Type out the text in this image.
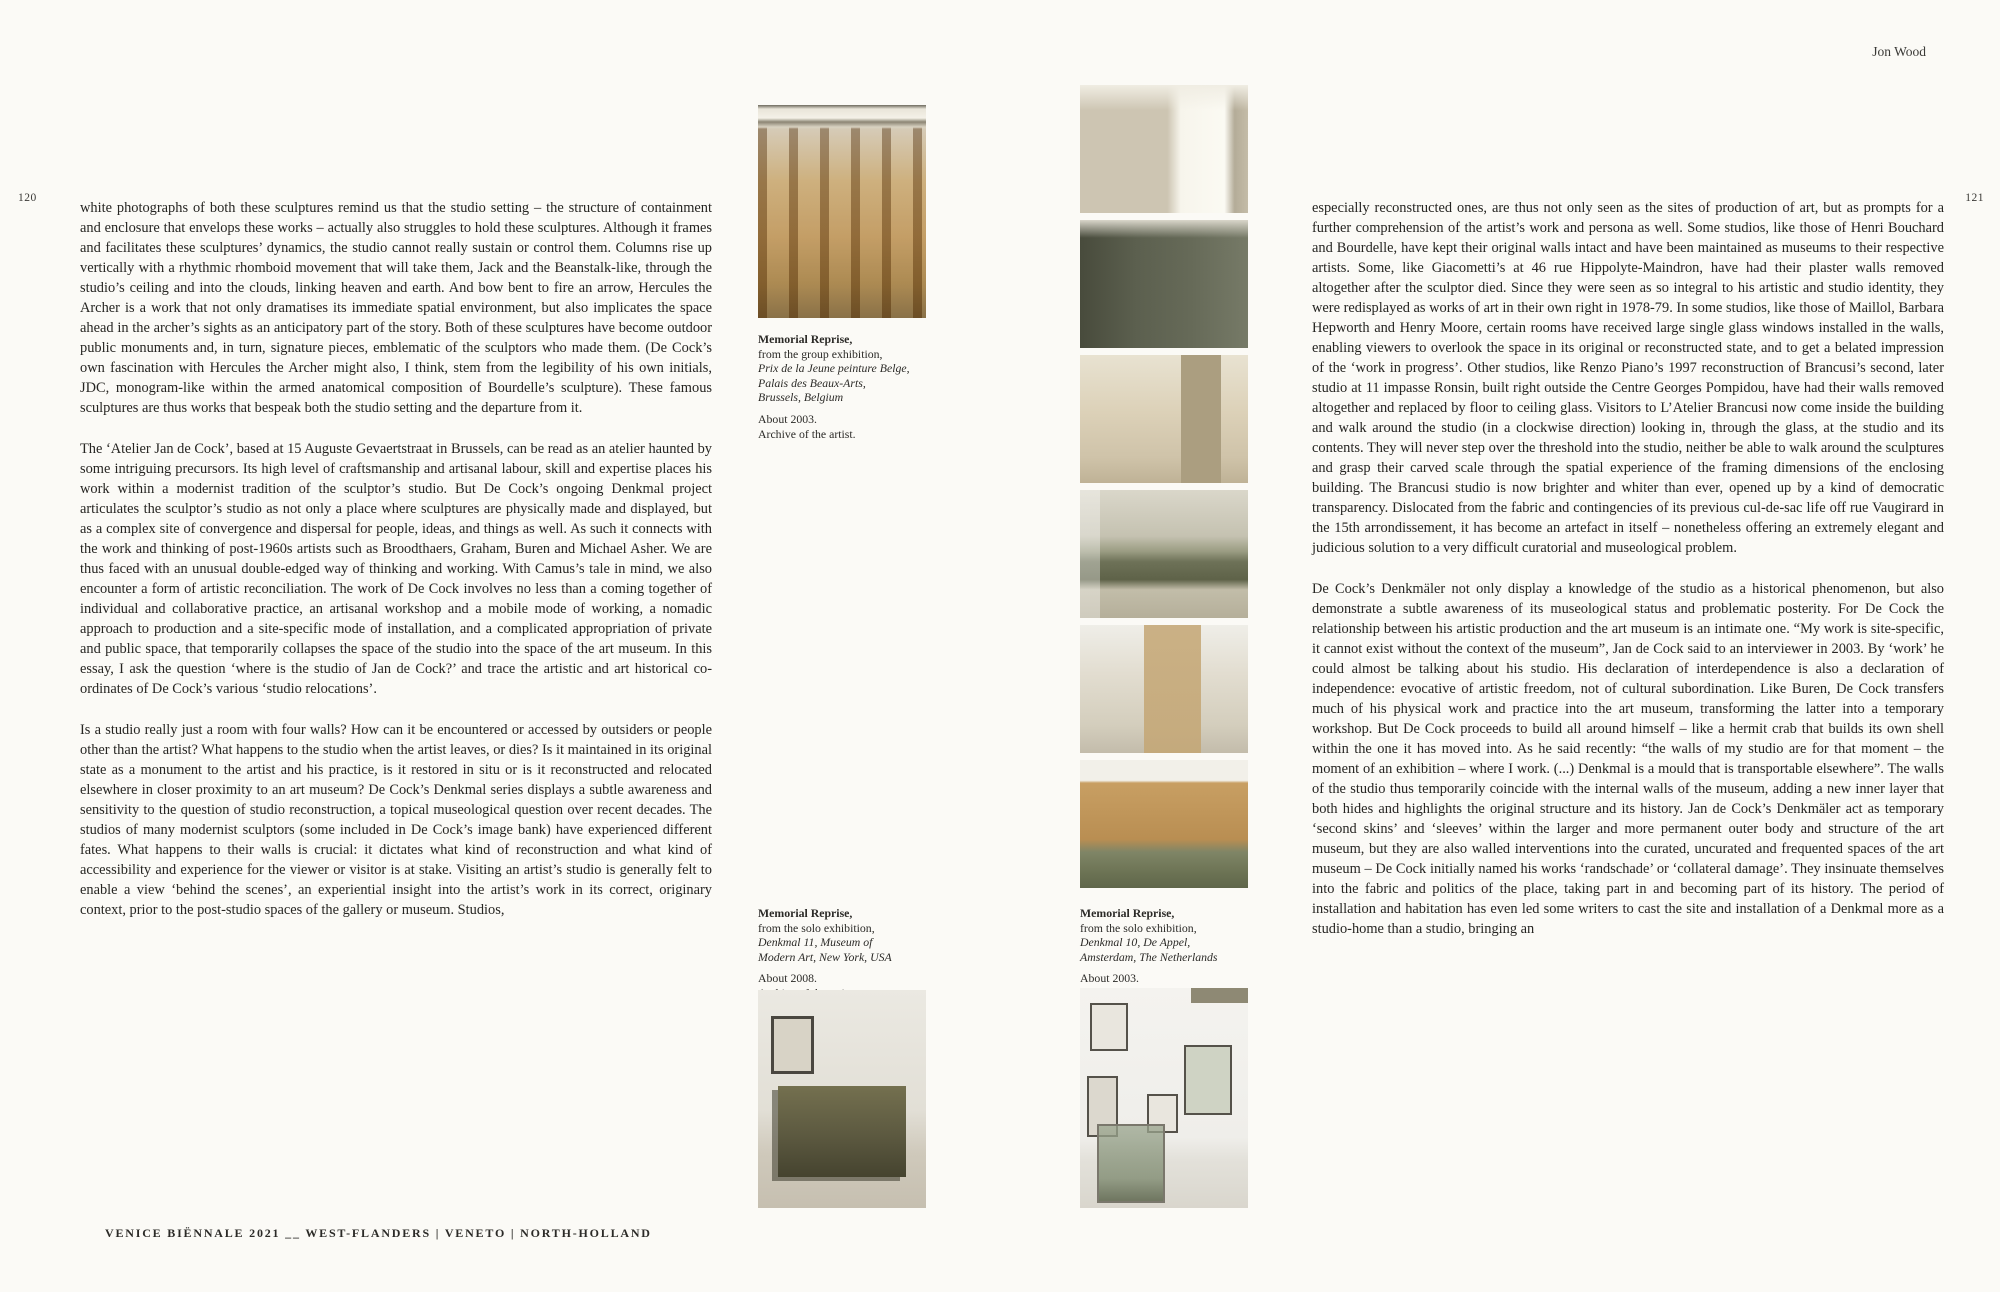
Jon Wood
120	121

white photographs of both these sculptures remind us that the studio setting – the structure of containment and enclosure that envelops these works – actually also struggles to hold these sculptures. Although it frames and facilitates these sculptures’ dynamics, the studio cannot really sustain or control them. Columns rise up vertically with a rhythmic rhomboid movement that will take them, Jack and the Beanstalk-like, through the studio’s ceiling and into the clouds, linking heaven and earth. And bow bent to fire an arrow, Hercules the Archer is a work that not only dramatises its immediate spatial environment, but also implicates the space ahead in the archer’s sights as an anticipatory part of the story. Both of these sculptures have become outdoor public monuments and, in turn, signature pieces, emblematic of the sculptors who made them. (De Cock’s own fascination with Hercules the Archer might also, I think, stem from the legibility of his own initials, JDC, monogram-like within the armed anatomical composition of Bourdelle’s sculpture). These famous sculptures are thus works that bespeak both the studio setting and the departure from it.

The ‘Atelier Jan de Cock’, based at 15 Auguste Gevaertstraat in Brussels, can be read as an atelier haunted by some intriguing precursors. Its high level of craftsmanship and artisanal labour, skill and expertise places his work within a modernist tradition of the sculptor’s studio. But De Cock’s ongoing Denkmal project articulates the sculptor’s studio as not only a place where sculptures are physically made and displayed, but as a complex site of convergence and dispersal for people, ideas, and things as well. As such it connects with the work and thinking of post-1960s artists such as Broodthaers, Graham, Buren and Michael Asher. We are thus faced with an unusual double-edged way of thinking and working. With Camus’s tale in mind, we also encounter a form of artistic reconciliation. The work of De Cock involves no less than a coming together of individual and collaborative practice, an artisanal workshop and a mobile mode of working, a nomadic approach to production and a site-specific mode of installation, and a complicated appropriation of private and public space, that temporarily collapses the space of the studio into the space of the art museum. In this essay, I ask the question ‘where is the studio of Jan de Cock?’ and trace the artistic and art historical co-ordinates of De Cock’s various ‘studio relocations’.

Is a studio really just a room with four walls? How can it be encountered or accessed by outsiders or people other than the artist? What happens to the studio when the artist leaves, or dies? Is it maintained in its original state as a monument to the artist and his practice, is it restored in situ or is it reconstructed and relocated elsewhere in closer proximity to an art museum? De Cock’s Denkmal series displays a subtle awareness and sensitivity to the question of studio reconstruction, a topical museological question over recent decades. The studios of many modernist sculptors (some included in De Cock’s image bank) have experienced different fates. What happens to their walls is crucial: it dictates what kind of reconstruction and what kind of accessibility and experience for the viewer or visitor is at stake. Visiting an artist’s studio is generally felt to enable a view ‘behind the scenes’, an experiential insight into the artist’s work in its correct, originary context, prior to the post-studio spaces of the gallery or museum. Studios,

especially reconstructed ones, are thus not only seen as the sites of production of art, but as prompts for a further comprehension of the artist’s work and persona as well. Some studios, like those of Henri Bouchard and Bourdelle, have kept their original walls intact and have been maintained as museums to their respective artists. Some, like Giacometti’s at 46 rue Hippolyte-Maindron, have had their plaster walls removed altogether after the sculptor died. Since they were seen as so integral to his artistic and studio identity, they were redisplayed as works of art in their own right in 1978-79. In some studios, like those of Maillol, Barbara Hepworth and Henry Moore, certain rooms have received large single glass windows installed in the walls, enabling viewers to overlook the space in its original or reconstructed state, and to get a belated impression of the ‘work in progress’. Other studios, like Renzo Piano’s 1997 reconstruction of Brancusi’s second, later studio at 11 impasse Ronsin, built right outside the Centre Georges Pompidou, have had their walls removed altogether and replaced by floor to ceiling glass. Visitors to L’Atelier Brancusi now come inside the building and walk around the studio (in a clockwise direction) looking in, through the glass, at the studio and its contents. They will never step over the threshold into the studio, neither be able to walk around the sculptures and grasp their carved scale through the spatial experience of the framing dimensions of the enclosing building. The Brancusi studio is now brighter and whiter than ever, opened up by a kind of democratic transparency. Dislocated from the fabric and contingencies of its previous cul-de-sac life off rue Vaugirard in the 15th arrondissement, it has become an artefact in itself – nonetheless offering an extremely elegant and judicious solution to a very difficult curatorial and museological problem.

De Cock’s Denkmäler not only display a knowledge of the studio as a historical phenomenon, but also demonstrate a subtle awareness of its museological status and problematic posterity. For De Cock the relationship between his artistic production and the art museum is an intimate one. “My work is site-specific, it cannot exist without the context of the museum”, Jan de Cock said to an interviewer in 2003. By ‘work’ he could almost be talking about his studio. His declaration of interdependence is also a declaration of independence: evocative of artistic freedom, not of cultural subordination. Like Buren, De Cock transfers much of his physical work and practice into the art museum, transforming the latter into a temporary workshop. But De Cock proceeds to build all around himself – like a hermit crab that builds its own shell within the one it has moved into. As he said recently: “the walls of my studio are for that moment – the moment of an exhibition – where I work. (...) Denkmal is a mould that is transportable elsewhere”. The walls of the studio thus temporarily coincide with the internal walls of the museum, adding a new inner layer that both hides and highlights the original structure and its history. Jan de Cock’s Denkmäler act as temporary ‘second skins’ and ‘sleeves’ within the larger and more permanent outer body and structure of the art museum, but they are also walled interventions into the curated, uncurated and frequented spaces of the art museum – De Cock initially named his works ‘randschade’ or ‘collateral damage’. They insinuate themselves into the fabric and politics of the place, taking part in and becoming part of its history. The period of installation and habitation has even led some writers to cast the site and installation of a Denkmal more as a studio-home than a studio, bringing an

Memorial Reprise,
from the group exhibition,
Prix de la Jeune peinture Belge,
Palais des Beaux-Arts,
Brussels, Belgium
About 2003.
Archive of the artist.
Memorial Reprise,
from the solo exhibition,
Denkmal 11, Museum of
Modern Art, New York, USA
About 2008.
Memorial Reprise,
from the solo exhibition,
Denkmal 10, De Appel,
Amsterdam, The Netherlands
About 2003.
VENICE BIËNNALE 2021 __ WEST-FLANDERS | VENETO | NORTH-HOLLAND
